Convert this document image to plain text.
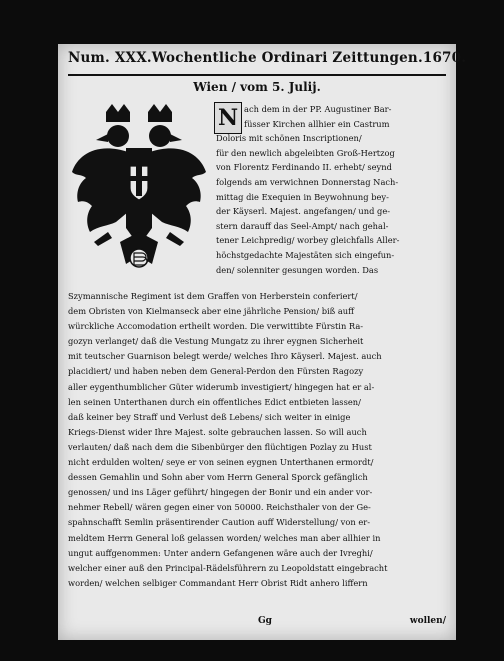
Num. XXX. Wochentliche Ordinari Zeittungen. 1670.
Wien / vom 5. Julij.
N ach dem in der PP. Augustiner Bar-
füsser Kirchen allhier ein Castrum
Doloris mit schönen Inscriptionen/
für den newlich abgeleibten Groß-Hertzog
von Florentz Ferdinando II. erhebt/ seynd
folgends am verwichnen Donnerstag Nach-
mittag die Exequien in Beywohnung bey-
der Käyserl. Majest. angefangen/ und ge-
stern darauff das Seel-Ampt/ nach gehal-
tener Leichpredig/ worbey gleichfalls Aller-
höchstgedachte Majestäten sich eingefun-
den/ solenniter gesungen worden. Das
Szymannische Regiment ist dem Graffen von Herberstein conferiert/
dem Obristen von Kielmanseck aber eine jährliche Pension/ biß auff
würckliche Accomodation ertheilt worden. Die verwittibte Fürstin Ra-
gozyn verlanget/ daß die Vestung Mungatz zu ihrer eygnen Sicherheit
mit teutscher Guarnison belegt werde/ welches Ihro Käyserl. Majest. auch
placidiert/ und haben neben dem General-Perdon den Fürsten Ragozy
aller eygenthumblicher Güter widerumb investigiert/ hingegen hat er al-
len seinen Unterthanen durch ein offentliches Edict entbieten lassen/
daß keiner bey Straff und Verlust deß Lebens/ sich weiter in einige
Kriegs-Dienst wider Ihre Majest. solte gebrauchen lassen. So will auch
verlauten/ daß nach dem die Sibenbürger den flüchtigen Pozlay zu Hust
nicht erdulden wolten/ seye er von seinen eygnen Unterthanen ermordt/
dessen Gemahlin und Sohn aber vom Herrn General Sporck gefänglich
genossen/ und ins Läger geführt/ hingegen der Bonir und ein ander vor-
nehmer Rebell/ wären gegen einer von 50000. Reichsthaler von der Ge-
spahnschafft Semlin präsentirender Caution auff Widerstellung/ von er-
meldtem Herrn General loß gelassen worden/ welches man aber allhier in
ungut auffgenommen: Unter andern Gefangenen wäre auch der Ivreghi/
welcher einer auß den Principal-Rädelsführern zu Leopoldstatt eingebracht
worden/ welchen selbiger Commandant Herr Obrist Ridt anhero liffern
Gg	wollen/
